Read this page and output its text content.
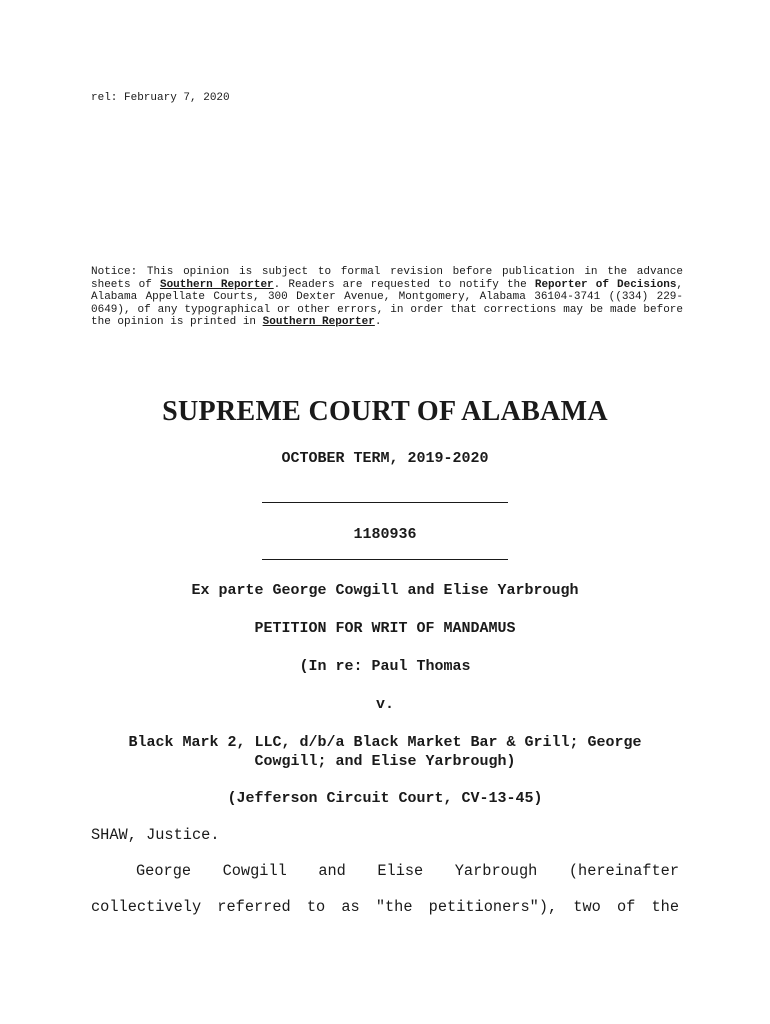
rel: February 7, 2020
Notice: This opinion is subject to formal revision before publication in the advance sheets of Southern Reporter. Readers are requested to notify the Reporter of Decisions, Alabama Appellate Courts, 300 Dexter Avenue, Montgomery, Alabama 36104-3741 ((334) 229-0649), of any typographical or other errors, in order that corrections may be made before the opinion is printed in Southern Reporter.
SUPREME COURT OF ALABAMA
OCTOBER TERM, 2019-2020
1180936
Ex parte George Cowgill and Elise Yarbrough
PETITION FOR WRIT OF MANDAMUS
(In re: Paul Thomas
v.
Black Mark 2, LLC, d/b/a Black Market Bar & Grill; George Cowgill; and Elise Yarbrough)
(Jefferson Circuit Court, CV-13-45)
SHAW, Justice.
George Cowgill and Elise Yarbrough (hereinafter
collectively referred to as "the petitioners"), two of the
